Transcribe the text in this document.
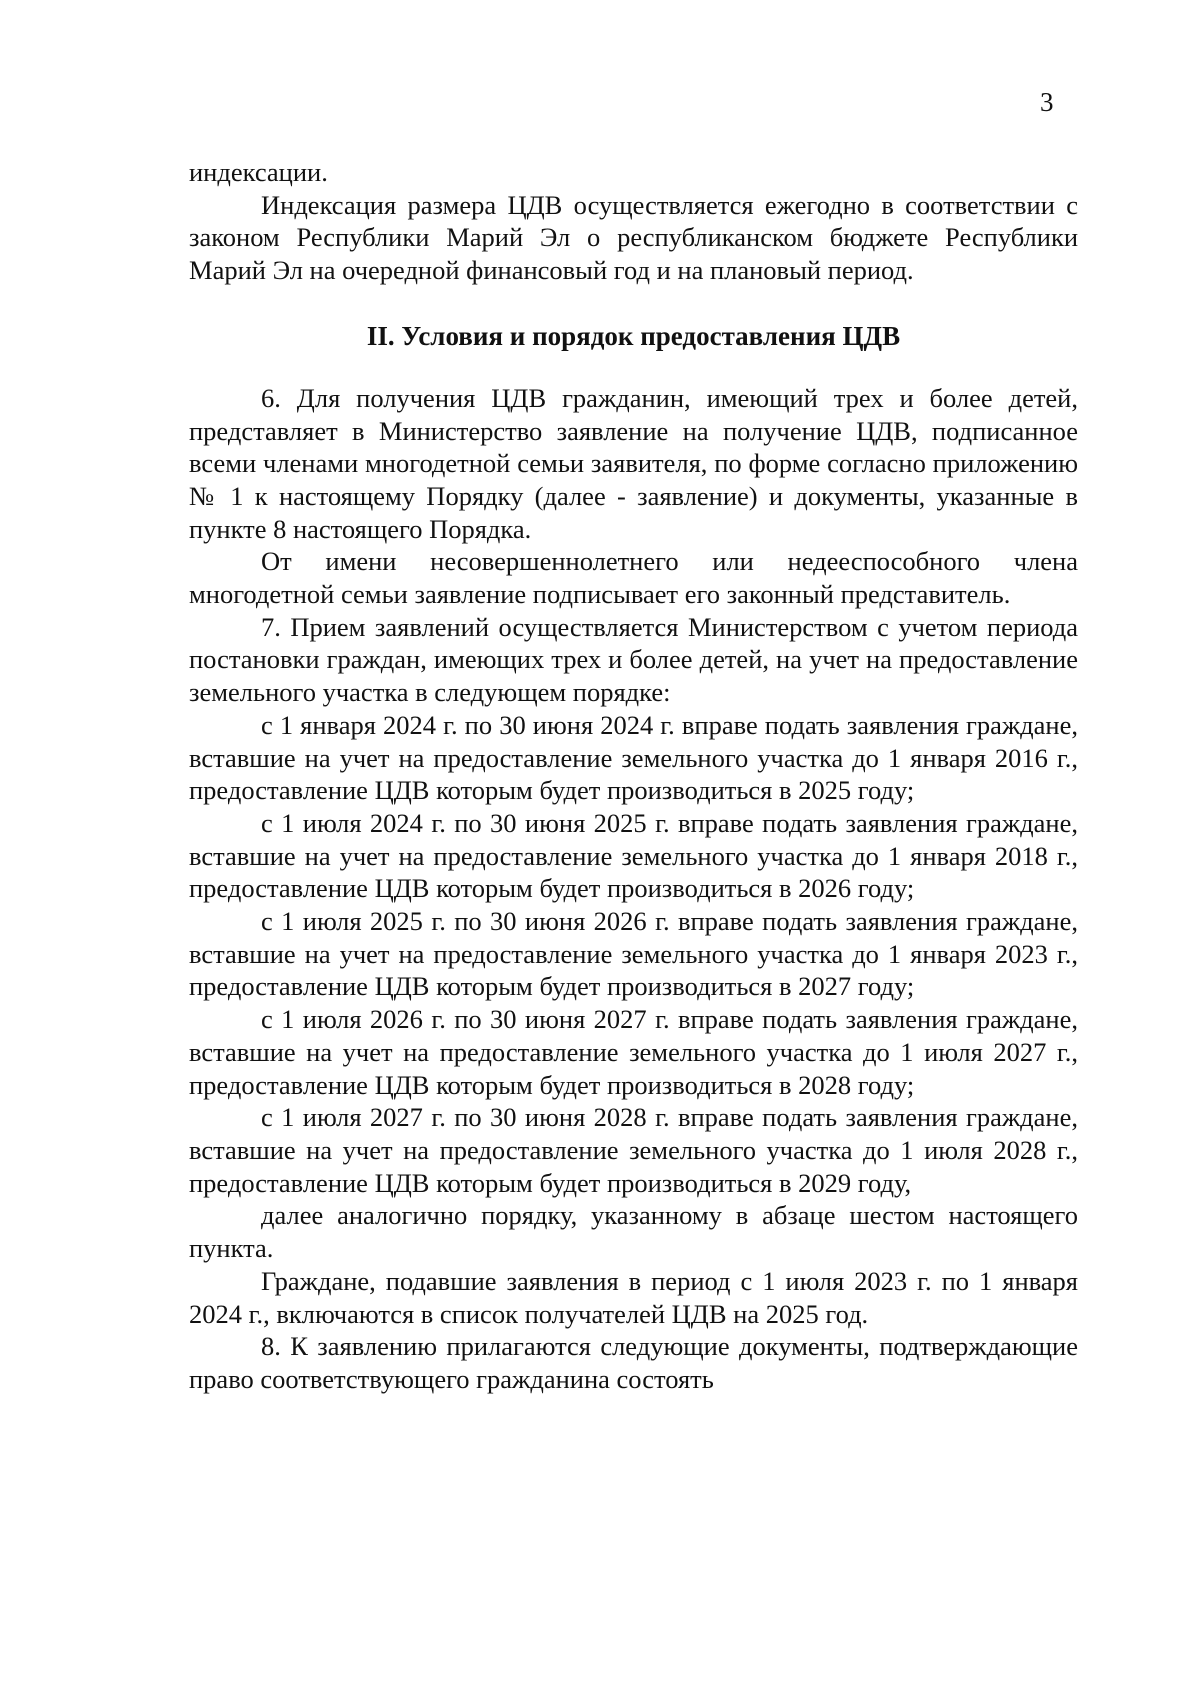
3

индексации.

Индексация размера ЦДВ осуществляется ежегодно в соответствии с законом Республики Марий Эл о республиканском бюджете Республики Марий Эл на очередной финансовый год и на плановый период.

II. Условия и порядок предоставления ЦДВ

6. Для получения ЦДВ гражданин, имеющий трех и более детей, представляет в Министерство заявление на получение ЦДВ, подписанное всеми членами многодетной семьи заявителя, по форме согласно приложению № 1 к настоящему Порядку (далее - заявление) и документы, указанные в пункте 8 настоящего Порядка.

От имени несовершеннолетнего или недееспособного члена многодетной семьи заявление подписывает его законный представитель.

7. Прием заявлений осуществляется Министерством с учетом периода постановки граждан, имеющих трех и более детей, на учет на предоставление земельного участка в следующем порядке:

с 1 января 2024 г. по 30 июня 2024 г. вправе подать заявления граждане, вставшие на учет на предоставление земельного участка до 1 января 2016 г., предоставление ЦДВ которым будет производиться в 2025 году;

с 1 июля 2024 г. по 30 июня 2025 г. вправе подать заявления граждане, вставшие на учет на предоставление земельного участка до 1 января 2018 г., предоставление ЦДВ которым будет производиться в 2026 году;

с 1 июля 2025 г. по 30 июня 2026 г. вправе подать заявления граждане, вставшие на учет на предоставление земельного участка до 1 января 2023 г., предоставление ЦДВ которым будет производиться в 2027 году;

с 1 июля 2026 г. по 30 июня 2027 г. вправе подать заявления граждане, вставшие на учет на предоставление земельного участка до 1 июля 2027 г., предоставление ЦДВ которым будет производиться в 2028 году;

с 1 июля 2027 г. по 30 июня 2028 г. вправе подать заявления граждане, вставшие на учет на предоставление земельного участка до 1 июля 2028 г., предоставление ЦДВ которым будет производиться в 2029 году,

далее аналогично порядку, указанному в абзаце шестом настоящего пункта.

Граждане, подавшие заявления в период с 1 июля 2023 г. по 1 января 2024 г., включаются в список получателей ЦДВ на 2025 год.

8. К заявлению прилагаются следующие документы, подтверждающие право соответствующего гражданина состоять
